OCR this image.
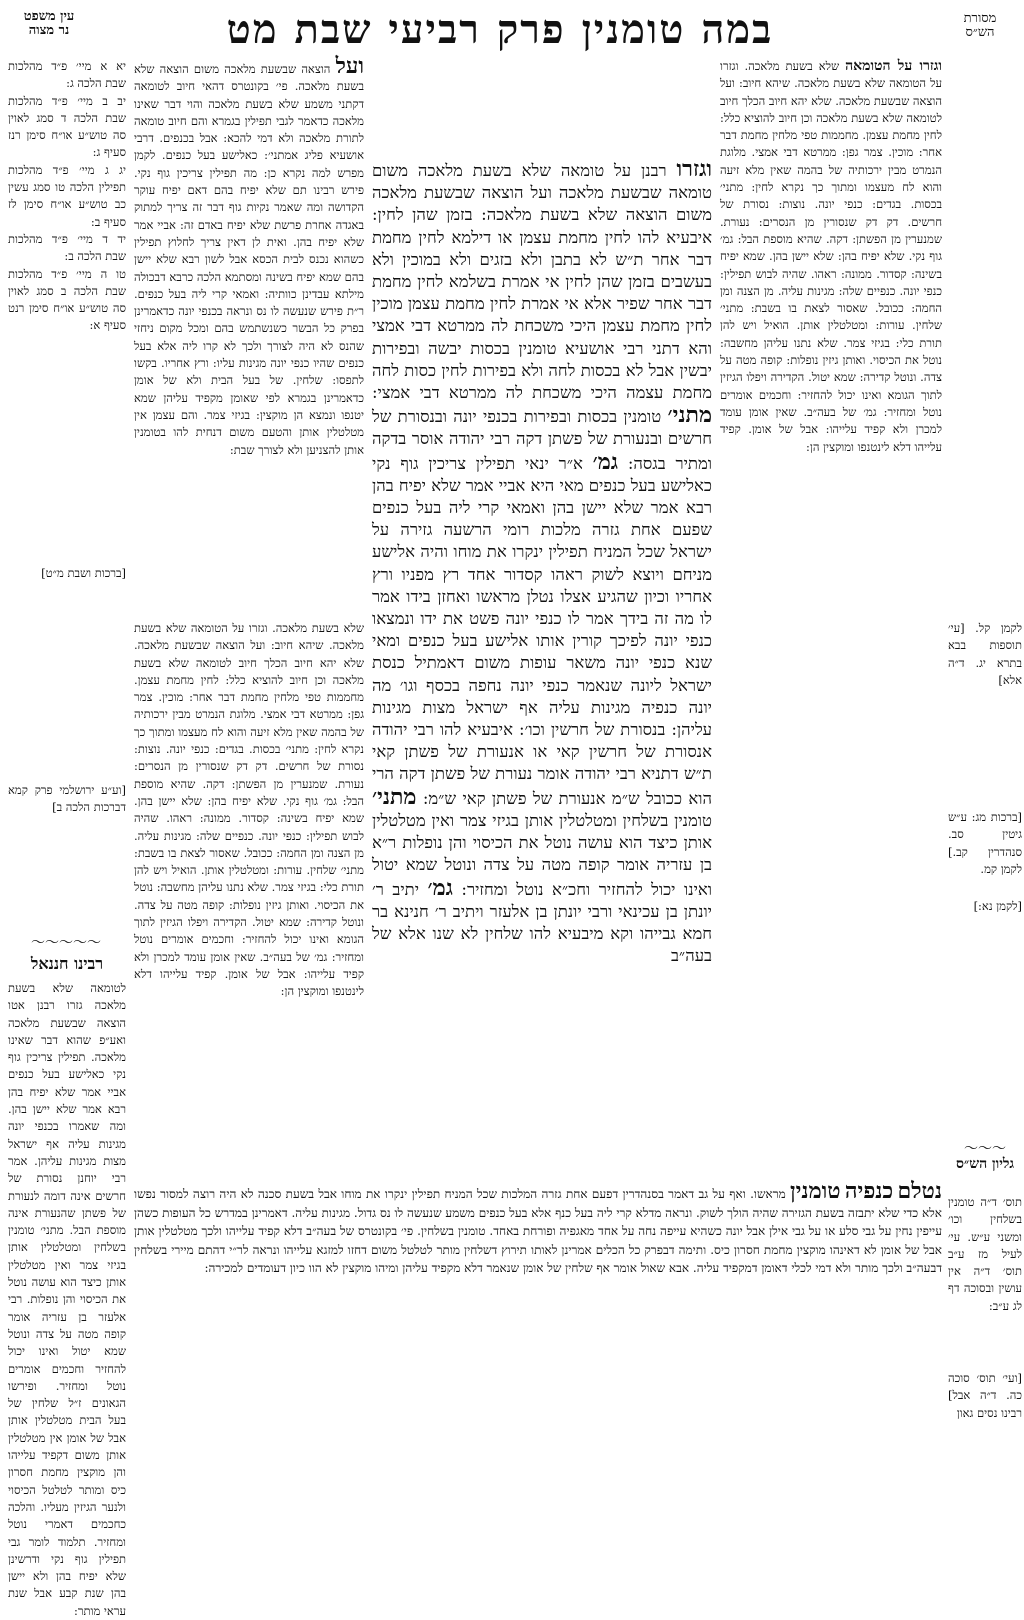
עין משפט
נר מצוה	במה טומנין פרק רביעי שבת מט	מסורת
הש״ס
יא א מיי׳ פ״ד מהלכות שבת הלכה ג:
יב ב מיי׳ פ״ד מהלכות שבת הלכה ד סמג לאוין סה טוש״ע או״ח סימן רנז סעיף ג:
יג ג מיי׳ פ״ד מהלכות תפילין הלכה טו סמג עשין כב טוש״ע או״ח סימן לז סעיף ב:
יד ד מיי׳ פ״ד מהלכות שבת הלכה ב:
טו ה מיי׳ פ״ד מהלכות שבת הלכה ב סמג לאוין סה טוש״ע או״ח סימן רנט סעיף א:
[ברכות ושבת מ״ט]
[וע״ע ירושלמי פרק קמא דברכות הלכה ב]
〜〜〜〜〜
רבינו חננאל
לטומאה שלא בשעת מלאכה גזרו רבנן אטו הוצאה שבשעת מלאכה ואע״פ שהוא דבר שאינו מלאכה. תפילין צריכין גוף נקי כאלישע בעל כנפים אביי אמר שלא יפיח בהן רבא אמר שלא יישן בהן. ומה שאמרו בכנפי יונה מגינות עליה אף ישראל מצות מגינות עליהן. אמר רבי יוחנן נסורת של חרשים אינה דומה לנעורת של פשתן שהנעורת אינה מוספת הבל. מתני׳ טומנין בשלחין ומטלטלין אותן בגיזי צמר ואין מטלטלין אותן כיצד הוא עושה נוטל את הכיסוי והן נופלות. רבי אלעזר בן עזריה אומר קופה מטה על צדה ונוטל שמא יטול ואינו יכול להחזיר וחכמים אומרים נוטל ומחזיר. ופירשו הגאונים ז״ל שלחין של בעל הבית מטלטלין אותן אבל של אומן אין מטלטלין אותן משום דקפיד עלייהו והן מוקצין מחמת חסרון כיס ומותר לטלטל הכיסוי ולנער הגיזין מעליו. והלכה כחכמים דאמרי נוטל ומחזיר. תלמוד לומר גבי תפילין גוף נקי ודרשינן שלא יפיח בהן ולא יישן בהן שנת קבע אבל שנת עראי מותר:
ועל הוצאה שבשעת מלאכה משום הוצאה שלא בשעת מלאכה. פי׳ בקונטרס דהאי חיוב לטומאה דקתני משמע שלא בשעת מלאכה והוי דבר שאינו מלאכה כדאמר לגבי תפילין בגמרא והם חיוב טומאה לתורת מלאכה ולא דמי להכא: אבל בכנפים. דרבי אושעיא פליג אמתני׳: כאלישע בעל כנפים. לקמן מפרש למה נקרא כן: מה תפילין צריכין גוף נקי. פירש רבינו תם שלא יפיח בהם דאם יפיח עוקר הקדושה ומה שאמר נקיות גוף דבר זה צריך למתוק באגדה אחרת פרשת שלא יפיח באדם זה: אביי אמר שלא יפיח בהן. ואית לן דאין צריך לחלוץ תפילין כשהוא נכנס לבית הכסא אבל לשון רבא שלא יישן בהם שמא יפיח בשינה ומסתמא הלכה כרבא דבכולה מילתא עבדינן כוותיה: ואמאי קרי ליה בעל כנפים. ר״ת פירש שנעשה לו נס ונראה בכנפי יונה כדאמרינן בפרק כל הבשר כשנשתמש בהם ומכל מקום ניחזי שהנס לא היה לצורך ולכך לא קרו ליה אלא בעל כנפים שהיו כנפי יונה מגינות עליו: ורץ אחריו. בקשו לתפסו: שלחין. של בעל הבית ולא של אומן כדאמרינן בגמרא לפי שאומן מקפיד עליהן שמא יטנפו ונמצא הן מוקצין: בגיזי צמר. והם עצמן אין מטלטלין אותן והטעם משום דנחית להו בטומנין אותן להצניען ולא לצורך שבת:
שלא בשעת מלאכה. וגזרו על הטומאה שלא בשעת מלאכה. שיהא חיוב: ועל הוצאה שבשעת מלאכה. שלא יהא חיוב הכלך חיוב לטומאה שלא בשעת מלאכה וכן חיוב להוציא כלל: לחין מחמת עצמן. מחממות טפי מלחין מחמת דבר אחר: מוכין. צמר גפן: ממרטא דבי אמצי. מלוגת הנמרט מבין ירכותיה של בהמה שאין מלא זיעה והוא לח מעצמו ומתוך כך נקרא לחין: מתני׳ בכסות. בגדים: כנפי יונה. נוצות: נסורת של חרשים. דק דק שנסורין מן הנסרים: נעורת. שמנערין מן הפשתן: דקה. שהיא מוספת הבל: גמ׳ גוף נקי. שלא יפיח בהן: שלא יישן בהן. שמא יפיח בשינה: קסדור. ממונה: ראהו. שהיה לבוש תפילין: כנפי יונה. כנפיים שלה: מגינות עליה. מן הצנה ומן החמה: ככובל. שאסור לצאת בו בשבת: מתני׳ שלחין. עורות: ומטלטלין אותן. הואיל ויש להן תורת כלי: בגיזי צמר. שלא נתנו עליהן מחשבה: נוטל את הכיסוי. ואותן גיזין נופלות: קופה מטה על צדה. ונוטל קדירה: שמא יטול. הקדירה ויפלו הגיזין לתוך הגומא ואינו יכול להחזיר: וחכמים אומרים נוטל ומחזיר: גמ׳ של בעה״ב. שאין אומן עומד למכרן ולא קפיד עלייהו: אבל של אומן. קפיד עלייהו דלא לינטנפו ומוקצין הן:
וגזרו רבנן על טומאה שלא בשעת מלאכה משום טומאה שבשעת מלאכה ועל הוצאה שבשעת מלאכה משום הוצאה שלא בשעת מלאכה: בזמן שהן לחין: איבעיא להו לחין מחמת עצמן או דילמא לחין מחמת דבר אחר ת״ש לא בתבן ולא בזגים ולא במוכין ולא בעשבים בזמן שהן לחין אי אמרת בשלמא לחין מחמת דבר אחר שפיר אלא אי אמרת לחין מחמת עצמן מוכין לחין מחמת עצמן היכי משכחת לה ממרטא דבי אמצי והא דתני רבי אושעיא טומנין בכסות יבשה ובפירות יבשין אבל לא בכסות לחה ולא בפירות לחין כסות לחה מחמת עצמה היכי משכחת לה ממרטא דבי אמצי: מתני׳ טומנין בכסות ובפירות בכנפי יונה ובנסורת של חרשים ובנעורת של פשתן דקה רבי יהודה אוסר בדקה ומתיר בגסה: גמ׳ א״ר ינאי תפילין צריכין גוף נקי כאלישע בעל כנפים מאי היא אביי אמר שלא יפיח בהן רבא אמר שלא יישן בהן ואמאי קרי ליה בעל כנפים שפעם אחת גזרה מלכות רומי הרשעה גזירה על ישראל שכל המניח תפילין ינקרו את מוחו והיה אלישע מניחם ויוצא לשוק ראהו קסדור אחד רץ מפניו ורץ אחריו וכיון שהגיע אצלו נטלן מראשו ואחזן בידו אמר לו מה זה בידך אמר לו כנפי יונה פשט את ידו ונמצאו כנפי יונה לפיכך קורין אותו אלישע בעל כנפים ומאי שנא כנפי יונה משאר עופות משום דאמתיל כנסת ישראל ליונה שנאמר כנפי יונה נחפה בכסף וגו׳ מה יונה כנפיה מגינות עליה אף ישראל מצות מגינות עליהן: בנסורת של חרשין וכו׳: איבעיא להו רבי יהודה אנסורת של חרשין קאי או אנעורת של פשתן קאי ת״ש דתניא רבי יהודה אומר נעורת של פשתן דקה הרי הוא ככובל ש״מ אנעורת של פשתן קאי ש״מ: מתני׳ טומנין בשלחין ומטלטלין אותן בגיזי צמר ואין מטלטלין אותן כיצד הוא עושה נוטל את הכיסוי והן נופלות ר״א בן עזריה אומר קופה מטה על צדה ונוטל שמא יטול ואינו יכול להחזיר וחכ״א נוטל ומחזיר: גמ׳ יתיב ר׳ יונתן בן עכינאי ורבי יונתן בן אלעזר ויתיב ר׳ חנינא בר חמא גבייהו וקא מיבעיא להו שלחין לא שנו אלא של בעה״ב
וגזרו על הטומאה שלא בשעת מלאכה. וגזרו על הטומאה שלא בשעת מלאכה. שיהא חיוב: ועל הוצאה שבשעת מלאכה. שלא יהא חיוב הכלך חיוב לטומאה שלא בשעת מלאכה וכן חיוב להוציא כלל: לחין מחמת עצמן. מחממות טפי מלחין מחמת דבר אחר: מוכין. צמר גפן: ממרטא דבי אמצי. מלוגת הנמרט מבין ירכותיה של בהמה שאין מלא זיעה והוא לח מעצמו ומתוך כך נקרא לחין: מתני׳ בכסות. בגדים: כנפי יונה. נוצות: נסורת של חרשים. דק דק שנסורין מן הנסרים: נעורת. שמנערין מן הפשתן: דקה. שהיא מוספת הבל: גמ׳ גוף נקי. שלא יפיח בהן: שלא יישן בהן. שמא יפיח בשינה: קסדור. ממונה: ראהו. שהיה לבוש תפילין: כנפי יונה. כנפיים שלה: מגינות עליה. מן הצנה ומן החמה: ככובל. שאסור לצאת בו בשבת: מתני׳ שלחין. עורות: ומטלטלין אותן. הואיל ויש להן תורת כלי: בגיזי צמר. שלא נתנו עליהן מחשבה: נוטל את הכיסוי. ואותן גיזין נופלות: קופה מטה על צדה. ונוטל קדירה: שמא יטול. הקדירה ויפלו הגיזין לתוך הגומא ואינו יכול להחזיר: וחכמים אומרים נוטל ומחזיר: גמ׳ של בעה״ב. שאין אומן עומד למכרן ולא קפיד עלייהו: אבל של אומן. קפיד עלייהו דלא לינטנפו ומוקצין הן:
לקמן קל. [עי׳ תוספות בבא בתרא יג. ד״ה אלא]
[ברכות מג: ע״ש גיטין סב. סנהדרין קב.] לקמן קמ.
[לקמן נא:]
〜〜〜
גליון הש״ס
תוס׳ ד״ה טומנין בשלחין וכו׳ ומשני ע״ש. עי׳ לעיל מז ע״ב תוס׳ ד״ה אין עושין ובסוכה דף לג ע״ב:
[ועי׳ תוס׳ סוכה כה. ד״ה אבל] רבינו נסים גאון
נטלם כנפיה טומנין מראשו. ואף על גב דאמר בסנהדרין דפעם אחת גזרה המלכות שכל המניח תפילין ינקרו את מוחו אבל בשעת סכנה לא היה רוצה למסור נפשו אלא כדי שלא יתבזה בשעת הגזירה שהיה הולך לשוק. ונראה מדלא קרי ליה בעל כנף אלא בעל כנפים משמע שנעשה לו נס גדול. מגינות עליה. דאמרינן במדרש כל העופות כשהן עייפין נחין על גבי סלע או על גבי אילן אבל יונה כשהיא עייפה נחה על אחד מאגפיה ופורחת באחד. טומנין בשלחין. פי׳ בקונטרס של בעה״ב דלא קפיד עלייהו ולכך מטלטלין אותן אבל של אומן לא דאינהו מוקצין מחמת חסרון כיס. ותימה דבפרק כל הכלים אמרינן לאותו תירוץ דשלחין מותר לטלטל משום דחזו למזגא עלייהו ונראה לר״י דהתם מיירי בשלחין דבעה״ב ולכך מותר ולא דמי לכלי דאומן דמקפיד עליה. אבא שאול אומר אף שלחין של אומן שנאמר דלא מקפיד עליהן ומיהו מוקצין לא הוו כיון דעומדים למכירה:
